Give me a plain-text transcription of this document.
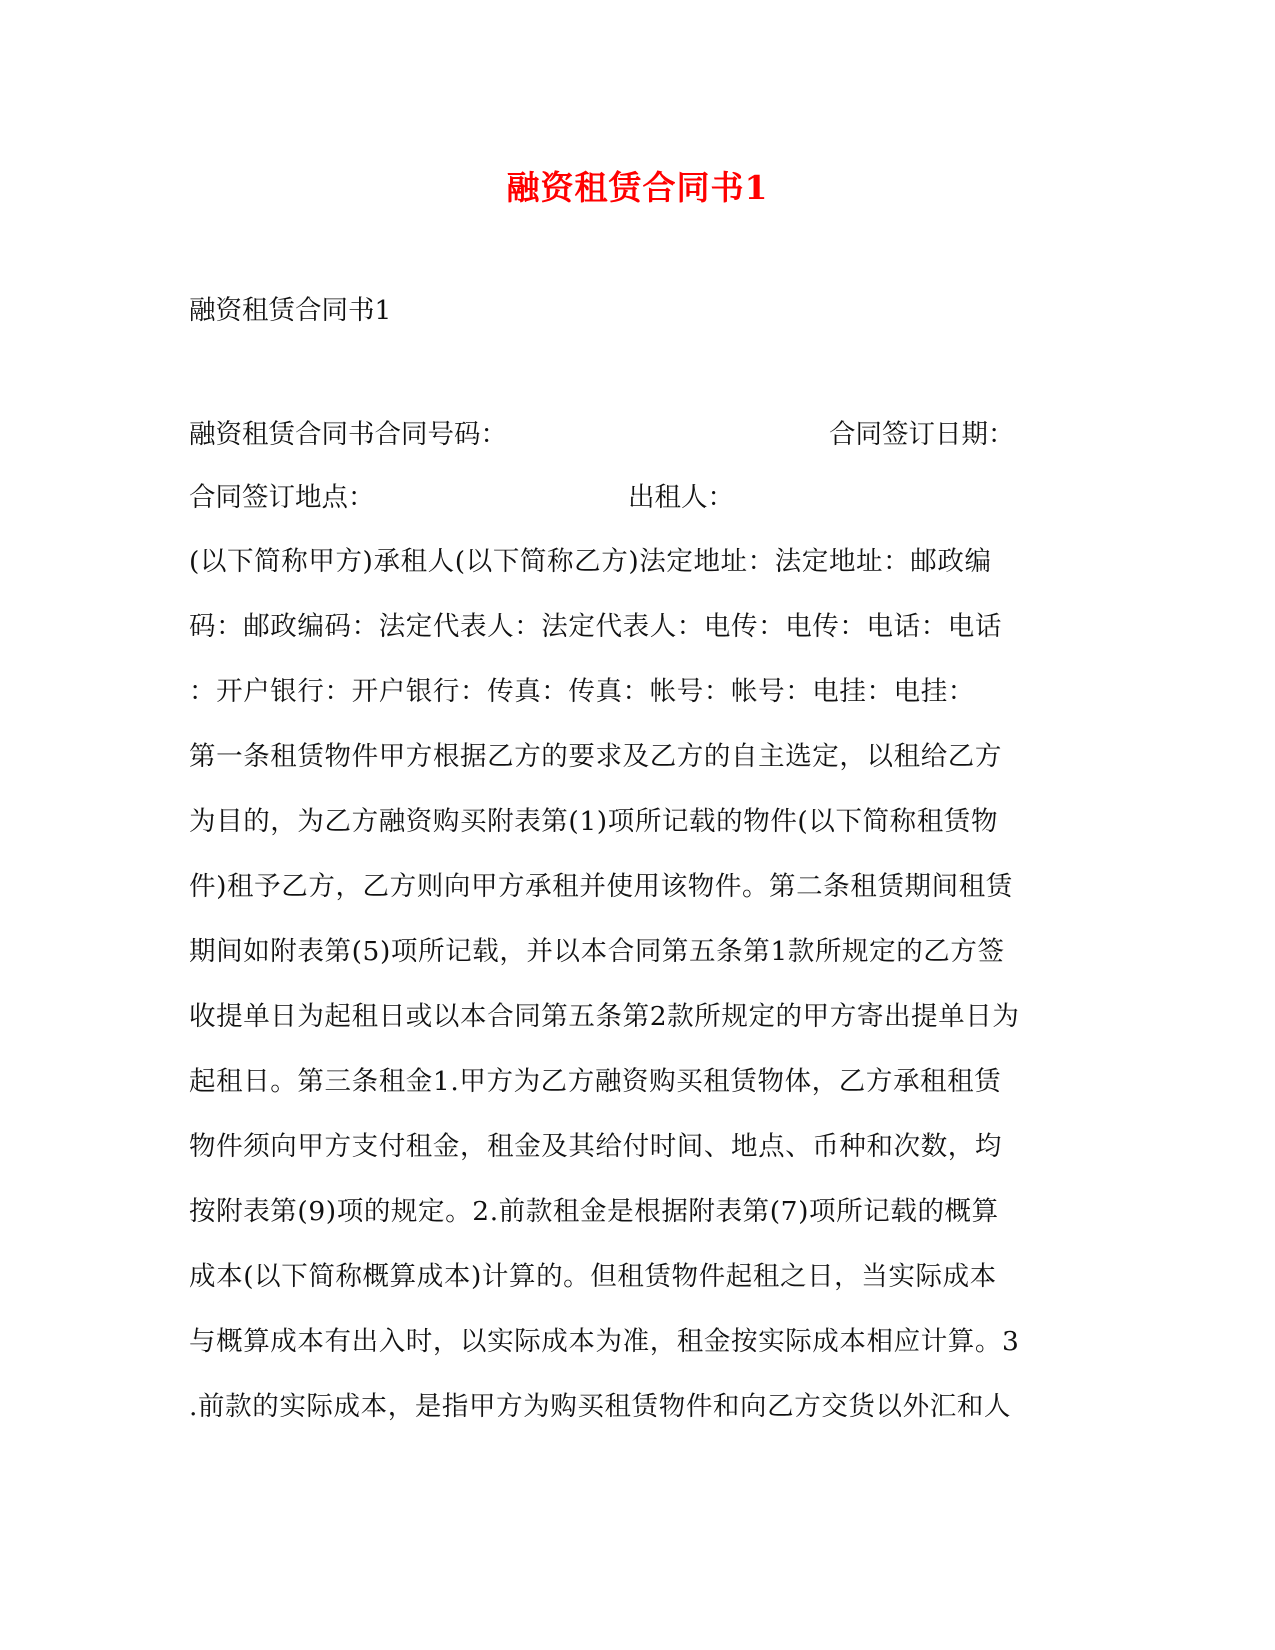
融资租赁合同书1
融资租赁合同书1
融资租赁合同书合同号码：	合同签订日期：
合同签订地点：	出租人：
(以下简称甲方)承租人(以下简称乙方)法定地址：法定地址：邮政编
码：邮政编码：法定代表人：法定代表人：电传：电传：电话：电话
：开户银行：开户银行：传真：传真：帐号：帐号：电挂：电挂：
第一条租赁物件甲方根据乙方的要求及乙方的自主选定，以租给乙方
为目的，为乙方融资购买附表第(1)项所记载的物件(以下简称租赁物
件)租予乙方，乙方则向甲方承租并使用该物件。第二条租赁期间租赁
期间如附表第(5)项所记载，并以本合同第五条第1款所规定的乙方签
收提单日为起租日或以本合同第五条第2款所规定的甲方寄出提单日为
起租日。第三条租金1.甲方为乙方融资购买租赁物体，乙方承租租赁
物件须向甲方支付租金，租金及其给付时间、地点、币种和次数，均
按附表第(9)项的规定。2.前款租金是根据附表第(7)项所记载的概算
成本(以下简称概算成本)计算的。但租赁物件起租之日，当实际成本
与概算成本有出入时，以实际成本为准，租金按实际成本相应计算。3
.前款的实际成本，是指甲方为购买租赁物件和向乙方交货以外汇和人
